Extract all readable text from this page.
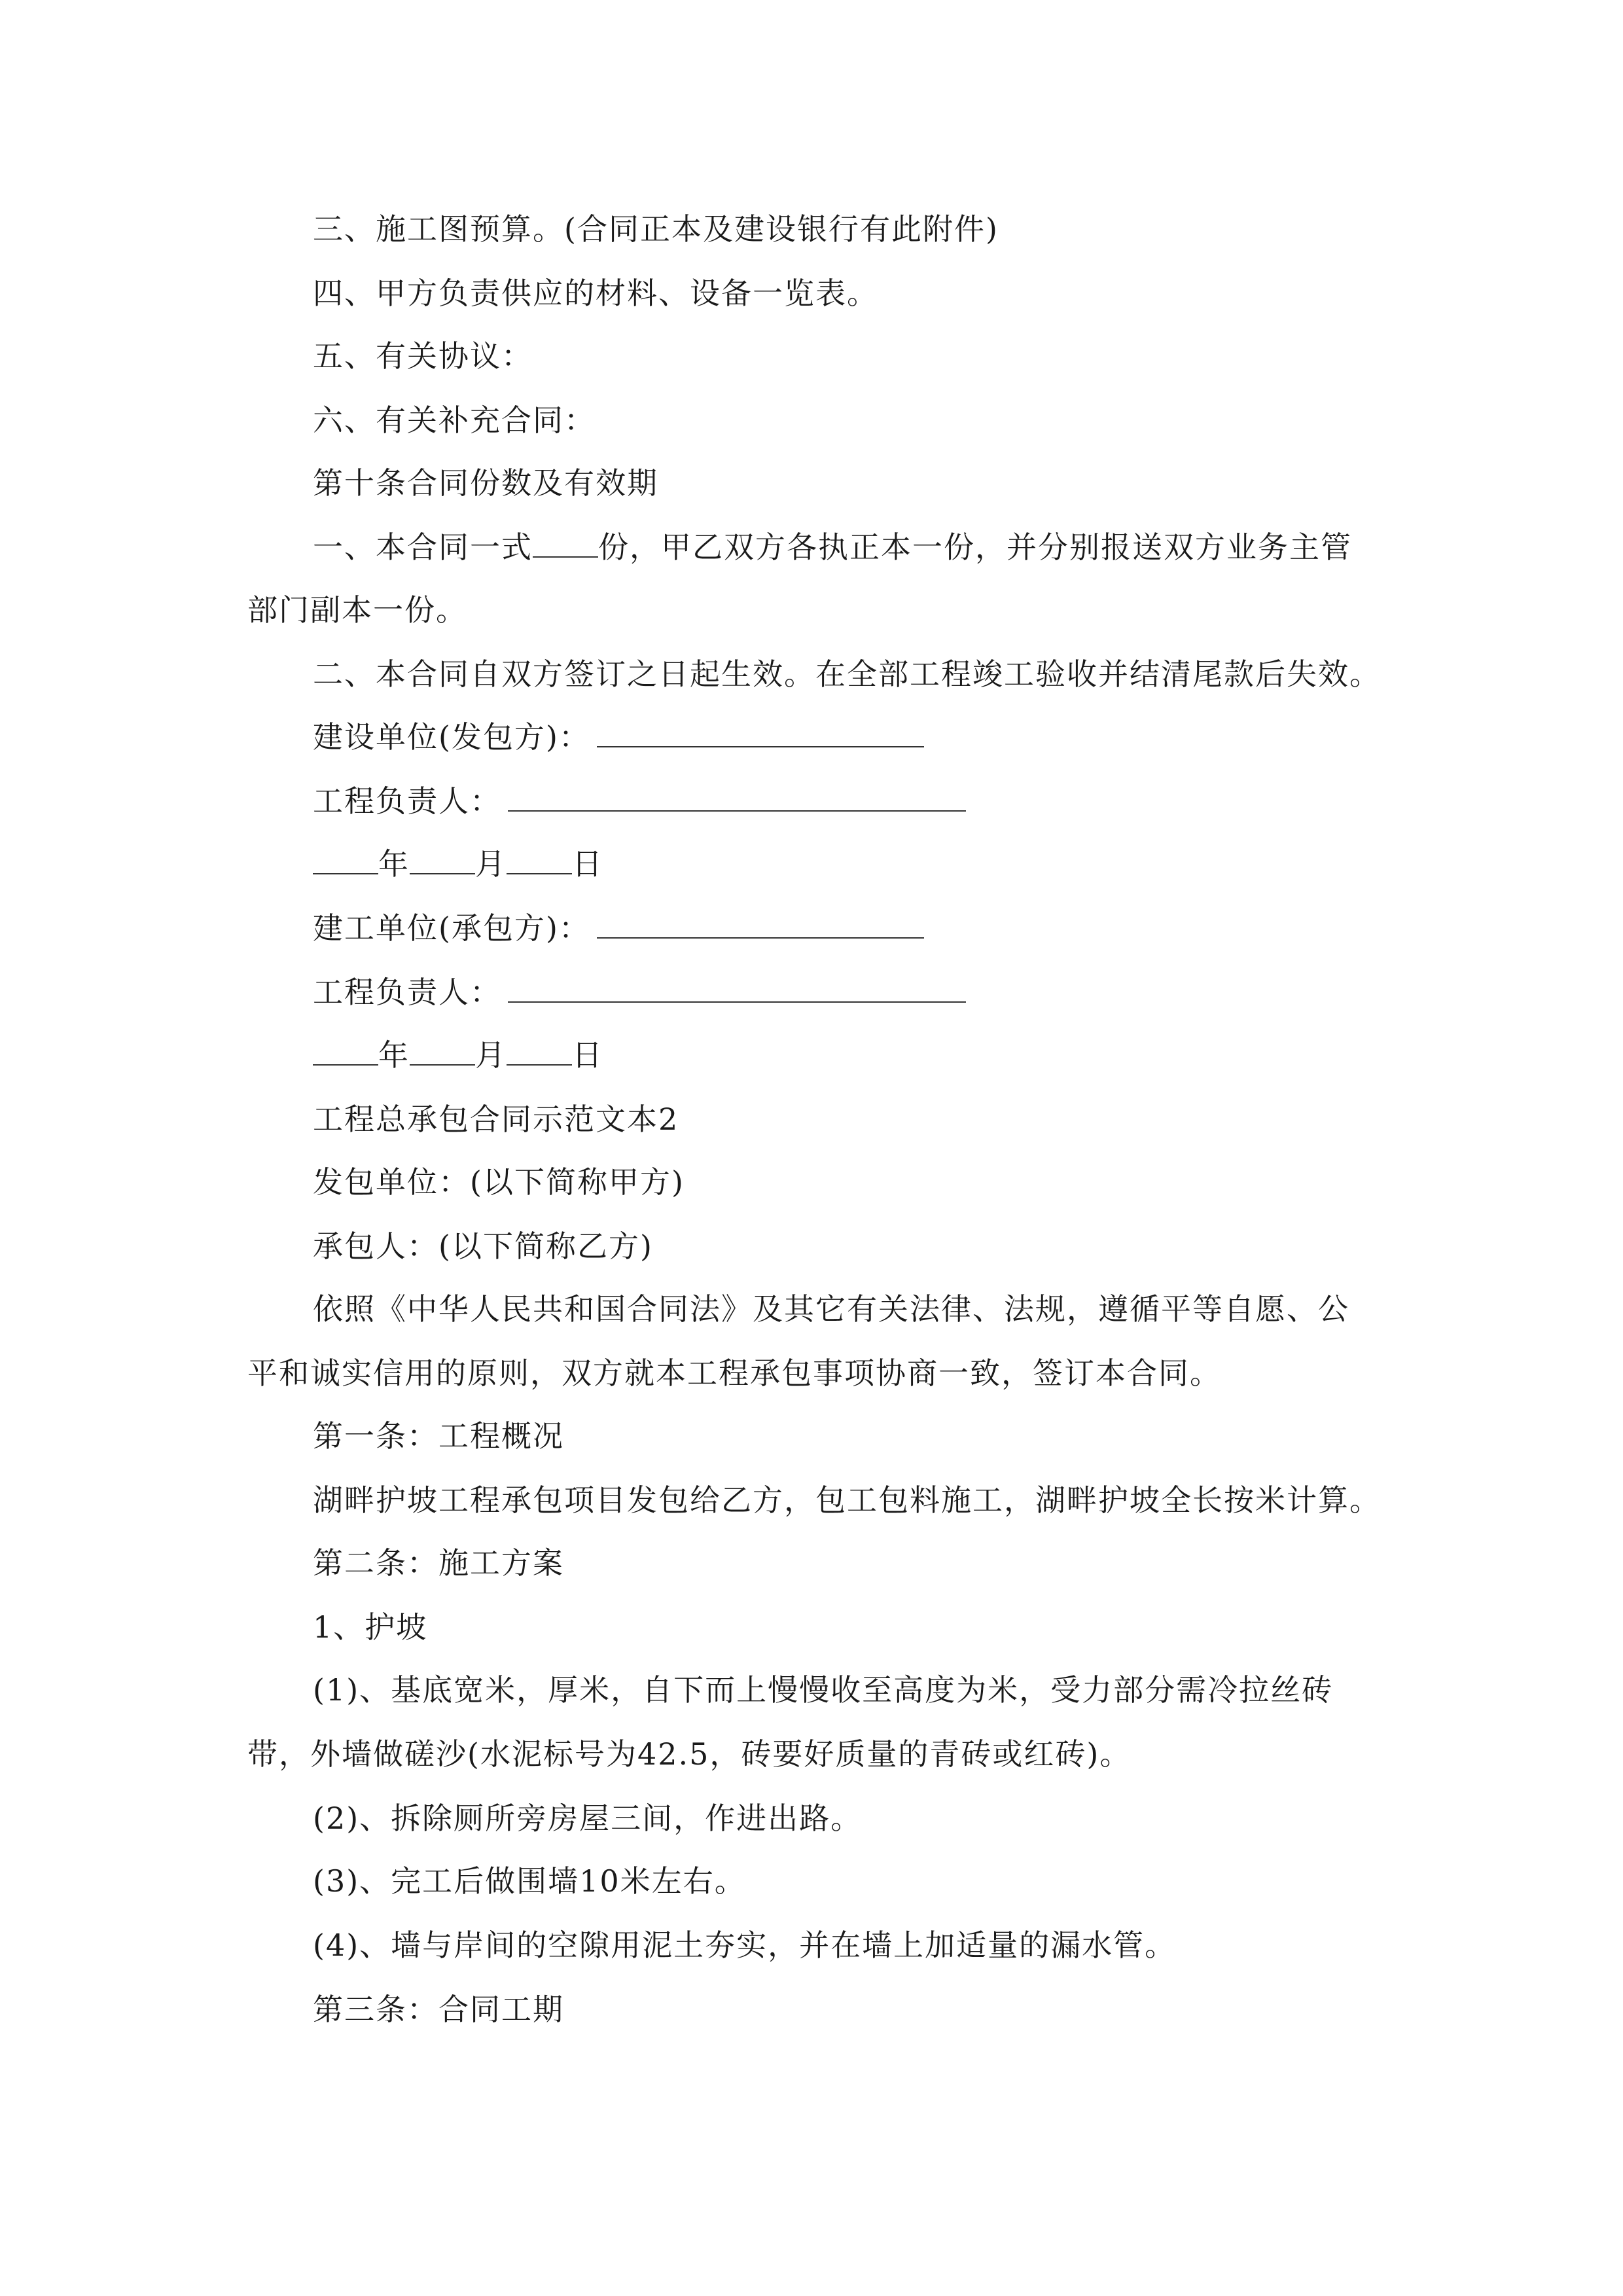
三、施工图预算。(合同正本及建设银行有此附件)
四、甲方负责供应的材料、设备一览表。
五、有关协议：
六、有关补充合同：
第十条合同份数及有效期
一、本合同一式 份，甲乙双方各执正本一份，并分别报送双方业务主管
部门副本一份。
二、本合同自双方签订之日起生效。在全部工程竣工验收并结清尾款后失效。
建设单位(发包方)：
工程负责人：
年 月 日
建工单位(承包方)：
工程负责人：
年 月 日
工程总承包合同示范文本2
发包单位：(以下简称甲方)
承包人：(以下简称乙方)
依照《中华人民共和国合同法》及其它有关法律、法规，遵循平等自愿、公
平和诚实信用的原则，双方就本工程承包事项协商一致，签订本合同。
第一条：工程概况
湖畔护坡工程承包项目发包给乙方，包工包料施工，湖畔护坡全长按米计算。
第二条：施工方案
1、护坡
(1)、基底宽米，厚米，自下而上慢慢收至高度为米，受力部分需冷拉丝砖
带，外墙做磋沙(水泥标号为42.5，砖要好质量的青砖或红砖)。
(2)、拆除厕所旁房屋三间，作进出路。
(3)、完工后做围墙10米左右。
(4)、墙与岸间的空隙用泥土夯实，并在墙上加适量的漏水管。
第三条：合同工期
